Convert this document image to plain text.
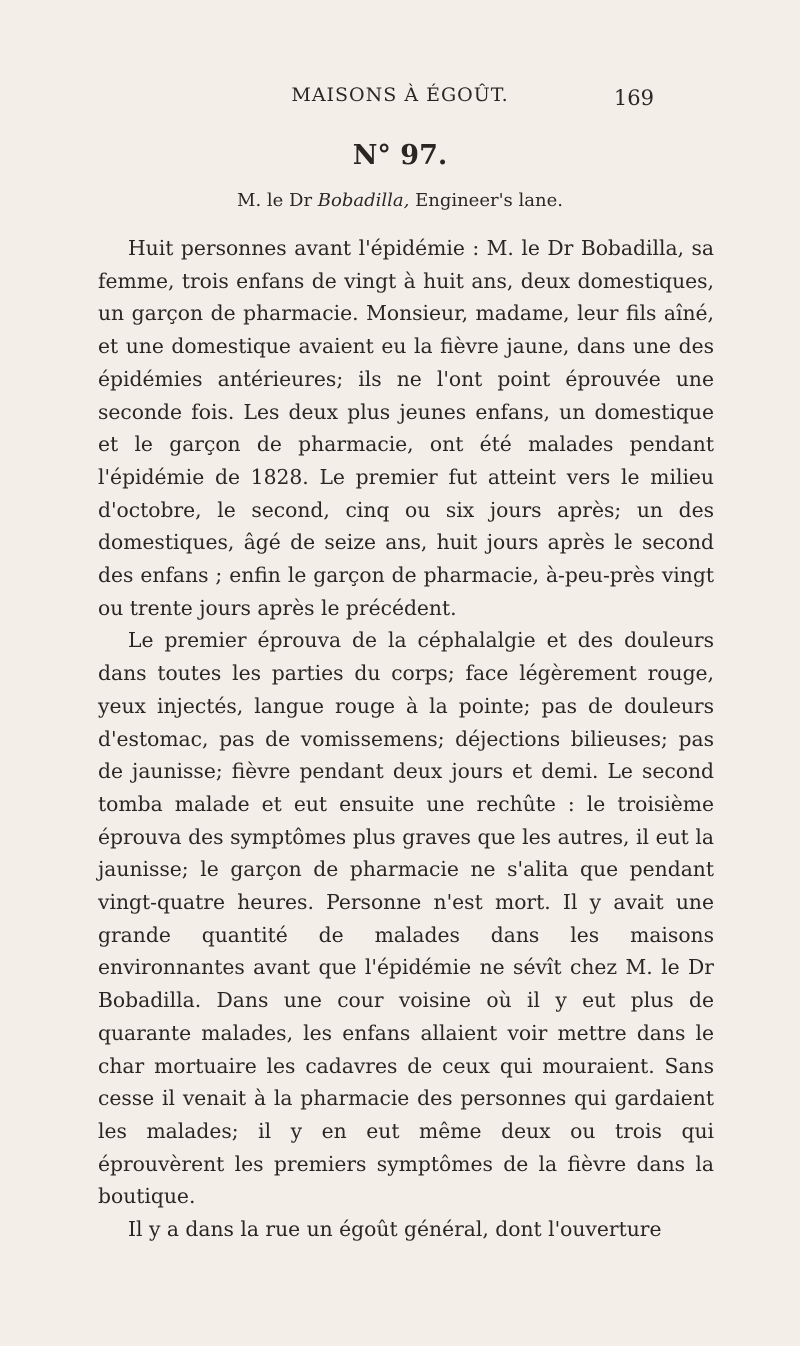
MAISONS À ÉGOÛT.	169
N° 97.
M. le Dr Bobadilla, Engineer's lane.

Huit personnes avant l'épidémie : M. le Dr Bobadilla, sa femme, trois enfans de vingt à huit ans, deux domestiques, un garçon de pharmacie. Monsieur, madame, leur fils aîné, et une domestique avaient eu la fièvre jaune, dans une des épidémies antérieures; ils ne l'ont point éprouvée une seconde fois. Les deux plus jeunes enfans, un domestique et le garçon de pharmacie, ont été malades pendant l'épidémie de 1828. Le premier fut atteint vers le milieu d'octobre, le second, cinq ou six jours après; un des domestiques, âgé de seize ans, huit jours après le second des enfans ; enfin le garçon de pharmacie, à-peu-près vingt ou trente jours après le précédent.

Le premier éprouva de la céphalalgie et des douleurs dans toutes les parties du corps; face légèrement rouge, yeux injectés, langue rouge à la pointe; pas de douleurs d'estomac, pas de vomissemens; déjections bilieuses; pas de jaunisse; fièvre pendant deux jours et demi. Le second tomba malade et eut ensuite une rechûte : le troisième éprouva des symptômes plus graves que les autres, il eut la jaunisse; le garçon de pharmacie ne s'alita que pendant vingt-quatre heures. Personne n'est mort. Il y avait une grande quantité de malades dans les maisons environnantes avant que l'épidémie ne sévît chez M. le Dr Bobadilla. Dans une cour voisine où il y eut plus de quarante malades, les enfans allaient voir mettre dans le char mortuaire les cadavres de ceux qui mouraient. Sans cesse il venait à la pharmacie des personnes qui gardaient les malades; il y en eut même deux ou trois qui éprouvèrent les premiers symptômes de la fièvre dans la boutique.

Il y a dans la rue un égoût général, dont l'ouverture
